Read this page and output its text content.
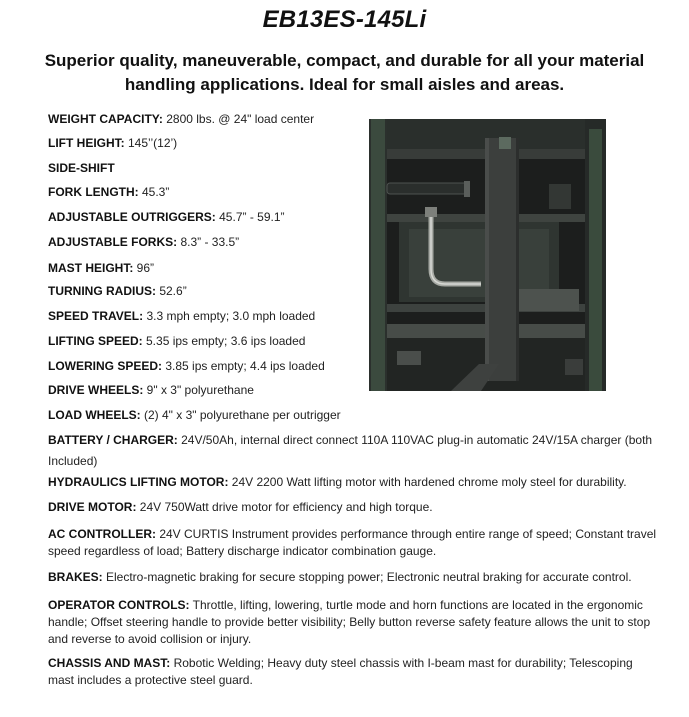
EB13ES-145Li
Superior quality, maneuverable, compact, and durable for all your material handling applications. Ideal for small aisles and areas.
WEIGHT CAPACITY: 2800 lbs. @ 24" load center
LIFT HEIGHT: 145’’(12’)
SIDE-SHIFT
FORK LENGTH: 45.3”
ADJUSTABLE OUTRIGGERS: 45.7” - 59.1”
ADJUSTABLE FORKS: 8.3” - 33.5”
MAST HEIGHT: 96”
TURNING RADIUS: 52.6”
SPEED TRAVEL: 3.3 mph empty; 3.0 mph loaded
LIFTING SPEED: 5.35 ips empty; 3.6 ips loaded
LOWERING SPEED: 3.85 ips empty; 4.4 ips loaded
DRIVE WHEELS: 9" x 3" polyurethane
LOAD WHEELS: (2) 4" x 3" polyurethane per outrigger
BATTERY / CHARGER: 24V/50Ah, internal direct connect 110A 110VAC plug-in automatic 24V/15A charger (both Included)
HYDRAULICS LIFTING MOTOR: 24V 2200 Watt lifting motor with hardened chrome moly steel for durability.
DRIVE MOTOR: 24V 750Watt drive motor for efficiency and high torque.
AC CONTROLLER: 24V CURTIS Instrument provides performance through entire range of speed; Constant travel speed regardless of load; Battery discharge indicator combination gauge.
BRAKES: Electro-magnetic braking for secure stopping power; Electronic neutral braking for accurate control.
OPERATOR CONTROLS: Throttle, lifting, lowering, turtle mode and horn functions are located in the ergonomic handle; Offset steering handle to provide better visibility; Belly button reverse safety feature allows the unit to stop and reverse to avoid collision or injury.
CHASSIS AND MAST: Robotic Welding; Heavy duty steel chassis with I-beam mast for durability; Telescoping mast includes a protective steel guard.
